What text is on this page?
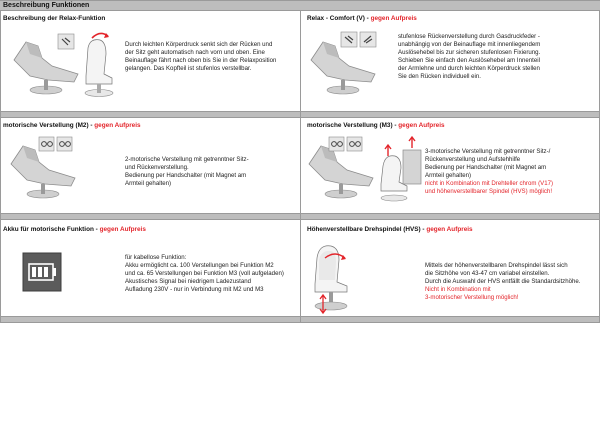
Beschreibung Funktionen
Beschreibung der Relax-Funktion
Durch leichten Körperdruck senkt sich der Rücken und
der Sitz geht automatisch nach vorn und oben. Eine
Beinauflage fährt nach oben bis Sie in der Relaxposition
gelangen. Das Kopfteil ist stufenlos verstellbar.
Relax - Comfort (V) - gegen Aufpreis
stufenlose Rückenverstellung durch Gasdruckfeder -
unabhängig von der Beinauflage mit innenliegendem
Auslösehebel bis zur sicheren stufenlosen Fixierung.
Schieben Sie einfach den Auslösehebel am Innenteil
der Armlehne und durch leichten Körperdruck stellen
Sie den Rücken individuell ein.
motorische Verstellung (M2) - gegen Aufpreis
2-motorische Verstellung mit getrenntner Sitz-
und Rückenverstellung.
Bedienung per Handschalter (mit Magnet am
Armteil gehalten)
motorische Verstellung (M3) - gegen Aufpreis
3-motorische Verstellung mit getrenntner Sitz-/
Rückenverstellung und Aufstehhilfe
Bedienung per Handschalter (mit Magnet am
Armteil gehalten)
nicht in Kombination mit Drehteller chrom (V17)
und höhenverstellbarer Spindel (HVS) möglich!
Akku für motorische Funktion - gegen Aufpreis
für kabellose Funktion:
Akku ermöglicht ca. 100 Verstellungen bei Funktion M2
und ca. 65 Verstellungen bei Funktion M3 (voll aufgeladen)
Akustisches Signal bei niedrigem Ladezustand
Aufladung 230V - nur in Verbindung mit M2 und M3
Höhenverstellbare Drehspindel (HVS) - gegen Aufpreis
Mittels der höhenverstellbaren Drehspindel lässt sich
die Sitzhöhe von 43-47 cm variabel einstellen.
Durch die Auswahl der HVS entfällt die Standardsitzhöhe.
Nicht in Kombination mit
3-motorischer Verstellung möglich!
